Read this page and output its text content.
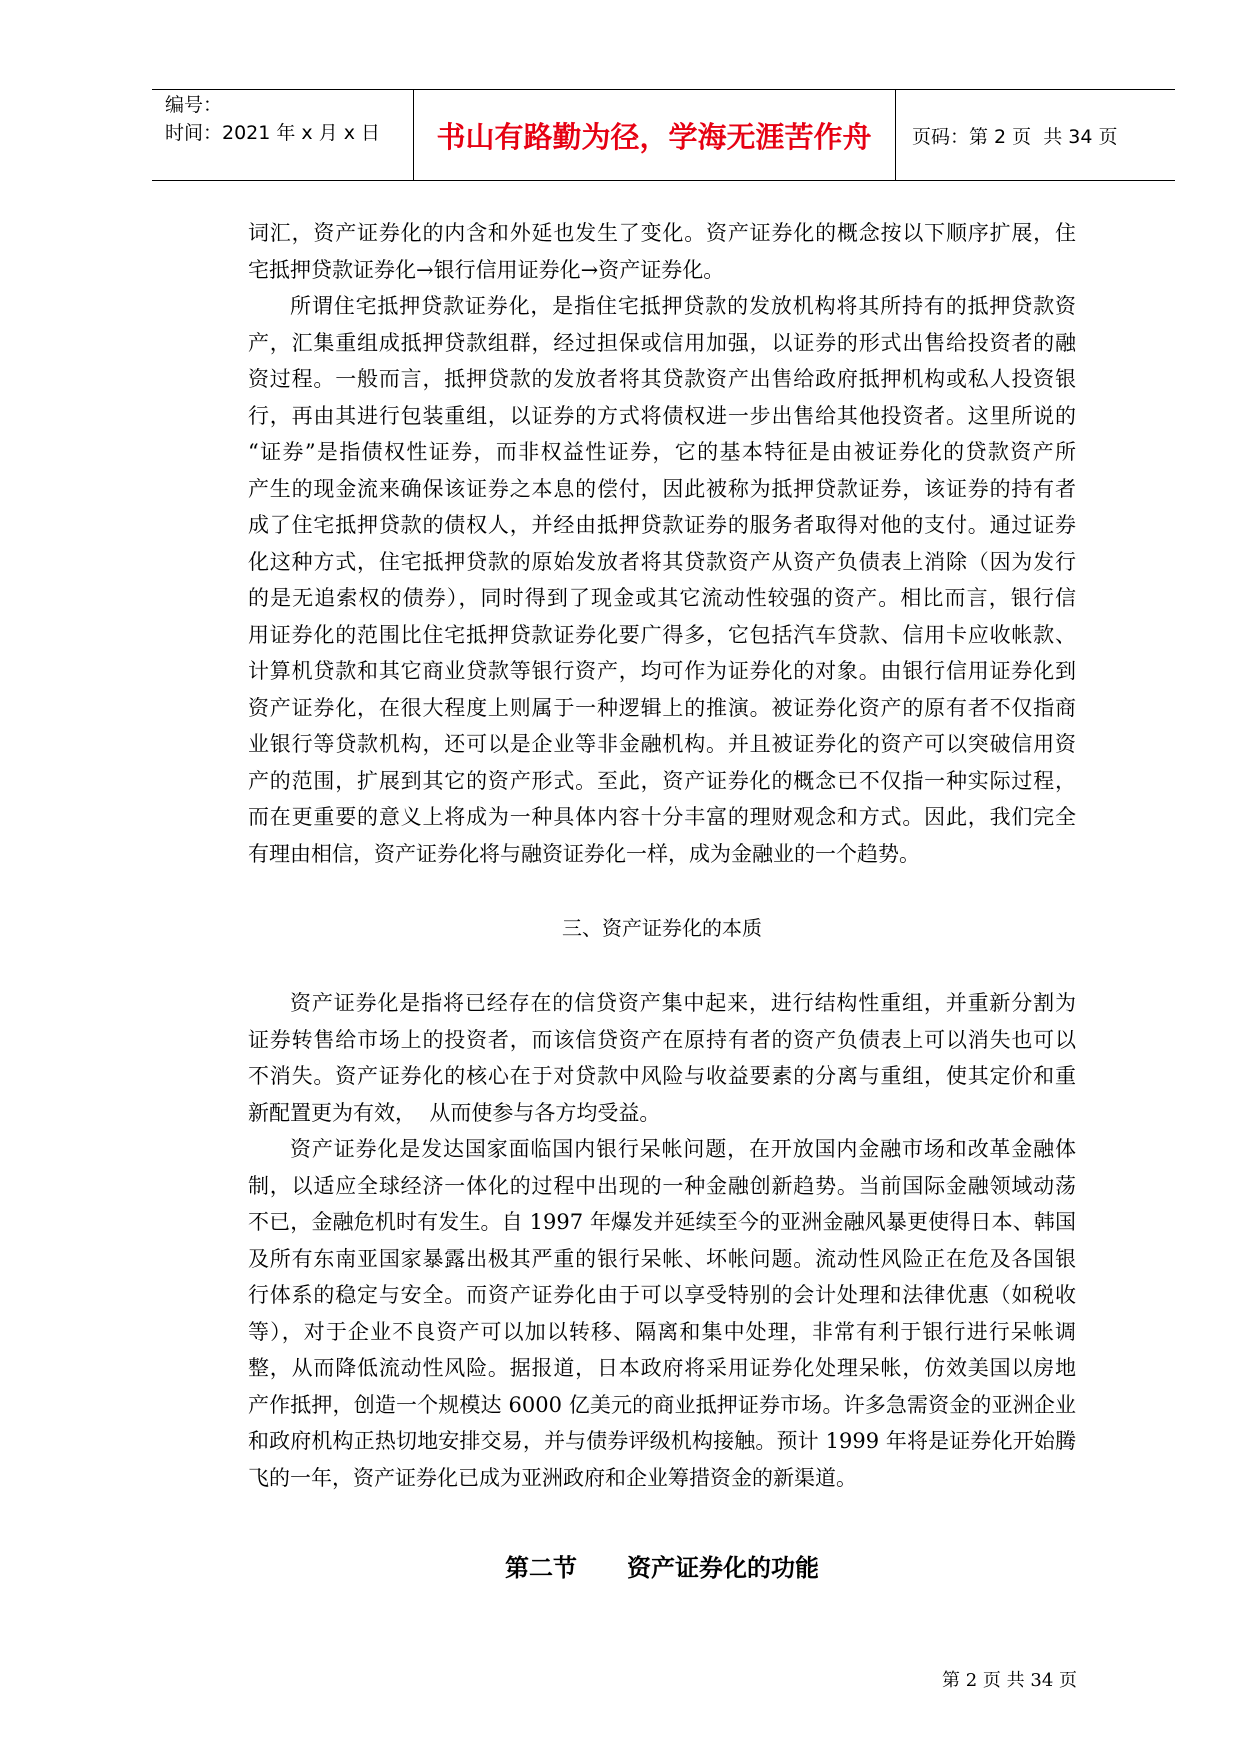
编号：
时间：2021 年 x 月 x 日	书山有路勤为径，学海无涯苦作舟	页码：第 2 页  共 34 页
词汇，资产证券化的内含和外延也发生了变化。资产证券化的概念按以下顺序扩展，住
宅抵押贷款证券化→银行信用证券化→资产证券化。
所谓住宅抵押贷款证券化，是指住宅抵押贷款的发放机构将其所持有的抵押贷款资
产，汇集重组成抵押贷款组群，经过担保或信用加强，以证券的形式出售给投资者的融
资过程。一般而言，抵押贷款的发放者将其贷款资产出售给政府抵押机构或私人投资银
行，再由其进行包装重组，以证券的方式将债权进一步出售给其他投资者。这里所说的
“证券”是指债权性证券，而非权益性证券，它的基本特征是由被证券化的贷款资产所
产生的现金流来确保该证券之本息的偿付，因此被称为抵押贷款证券，该证券的持有者
成了住宅抵押贷款的债权人，并经由抵押贷款证券的服务者取得对他的支付。通过证券
化这种方式，住宅抵押贷款的原始发放者将其贷款资产从资产负债表上消除（因为发行
的是无追索权的债券），同时得到了现金或其它流动性较强的资产。相比而言，银行信
用证券化的范围比住宅抵押贷款证券化要广得多，它包括汽车贷款、信用卡应收帐款、
计算机贷款和其它商业贷款等银行资产，均可作为证券化的对象。由银行信用证券化到
资产证券化，在很大程度上则属于一种逻辑上的推演。被证券化资产的原有者不仅指商
业银行等贷款机构，还可以是企业等非金融机构。并且被证券化的资产可以突破信用资
产的范围，扩展到其它的资产形式。至此，资产证券化的概念已不仅指一种实际过程，
而在更重要的意义上将成为一种具体内容十分丰富的理财观念和方式。因此，我们完全
有理由相信，资产证券化将与融资证券化一样，成为金融业的一个趋势。
三、资产证券化的本质
资产证券化是指将已经存在的信贷资产集中起来，进行结构性重组，并重新分割为
证券转售给市场上的投资者，而该信贷资产在原持有者的资产负债表上可以消失也可以
不消失。资产证券化的核心在于对贷款中风险与收益要素的分离与重组，使其定价和重
新配置更为有效，  从而使参与各方均受益。
资产证券化是发达国家面临国内银行呆帐问题，在开放国内金融市场和改革金融体
制，以适应全球经济一体化的过程中出现的一种金融创新趋势。当前国际金融领域动荡
不已，金融危机时有发生。自 1997 年爆发并延续至今的亚洲金融风暴更使得日本、韩国
及所有东南亚国家暴露出极其严重的银行呆帐、坏帐问题。流动性风险正在危及各国银
行体系的稳定与安全。而资产证券化由于可以享受特别的会计处理和法律优惠（如税收
等），对于企业不良资产可以加以转移、隔离和集中处理，非常有利于银行进行呆帐调
整，从而降低流动性风险。据报道，日本政府将采用证券化处理呆帐，仿效美国以房地
产作抵押，创造一个规模达 6000 亿美元的商业抵押证券市场。许多急需资金的亚洲企业
和政府机构正热切地安排交易，并与债券评级机构接触。预计 1999 年将是证券化开始腾
飞的一年，资产证券化已成为亚洲政府和企业筹措资金的新渠道。
第二节 资产证券化的功能
第 2 页 共 34 页
